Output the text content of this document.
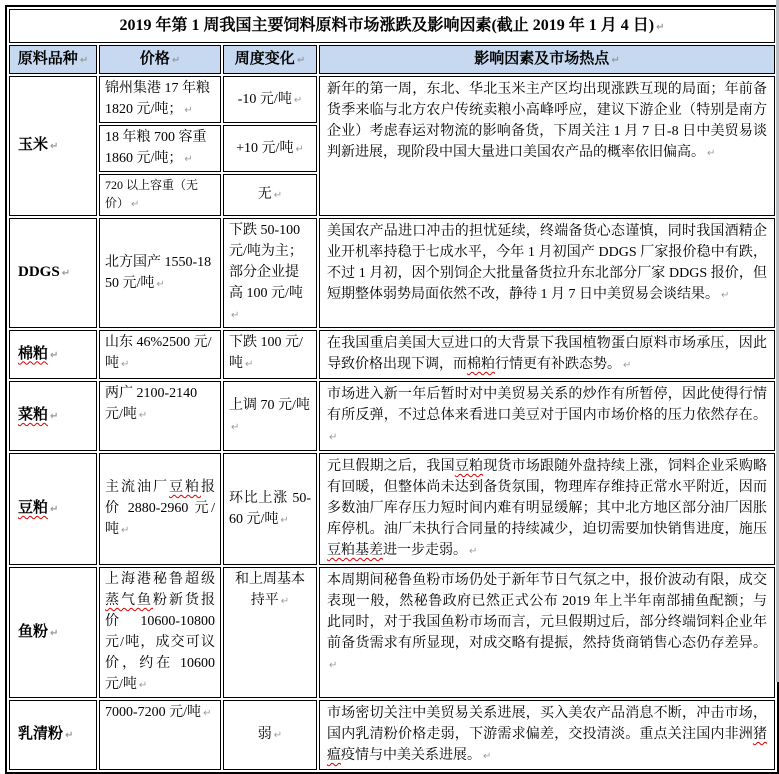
2019 年第 1 周我国主要饲料原料市场涨跌及影响因素(截止 2019 年 1 月 4 日) ↵
原料品种 ↵	价格 ↵	周度变化 ↵	影响因素及市场热点 ↵
玉米 ↵	锦州集港 17 年粮 1820 元/吨； ↵	-10 元/吨 ↵	新年的第一周，东北、华北玉米主产区均出现涨跌互现的局面；年前备货季来临与北方农户传统卖粮小高峰呼应，建议下游企业（特别是南方企业）考虑春运对物流的影响备货，下周关注 1 月 7 日-8 日中美贸易谈判新进展，现阶段中国大量进口美国农产品的概率依旧偏高。 ↵
	18 年粮 700 容重 1860 元/吨； ↵	+10 元/吨 ↵
	720 以上容重（无价） ↵	无 ↵
DDGS ↵	北方国产 1550-1850 元/吨 ↵	下跌 50-100 元/吨为主；部分企业提高 100 元/吨 ↵	美国农产品进口冲击的担忧延续，终端备货心态谨慎，同时我国酒精企业开机率持稳于七成水平，今年 1 月初国产 DDGS 厂家报价稳中有跌，不过 1 月初，因个别饲企大批量备货拉升东北部分厂家 DDGS 报价，但短期整体弱势局面依然不改，静待 1 月 7 日中美贸易会谈结果。 ↵
棉粕 ↵	山东 46%2500 元/吨 ↵	下跌 100 元/吨 ↵	在我国重启美国大豆进口的大背景下我国植物蛋白原料市场承压，因此导致价格出现下调，而棉粕行情更有补跌态势。 ↵
菜粕 ↵	两广 2100-2140 元/吨 ↵	上调 70 元/吨 ↵	市场进入新一年后暂时对中美贸易关系的炒作有所暂停，因此使得行情有所反弹，不过总体来看进口美豆对于国内市场价格的压力依然存在。 ↵
豆粕 ↵	主流油厂豆粕报价 2880-2960 元/吨 ↵	环比上涨 50-60 元/吨 ↵	元旦假期之后，我国豆粕现货市场跟随外盘持续上涨，饲料企业采购略有回暖，但整体尚未达到备货氛围，物理库存维持正常水平附近，因而多数油厂库存压力短时间内难有明显缓解；其中北方地区部分油厂因胀库停机。油厂未执行合同量的持续减少，迫切需要加快销售进度，施压豆粕基差进一步走弱。 ↵
鱼粉 ↵	上海港秘鲁超级蒸气鱼粉新货报价 10600-10800 元/吨，成交可议价，约在 10600 元/吨 ↵	和上周基本持平 ↵	本周期间秘鲁鱼粉市场仍处于新年节日气氛之中，报价波动有限，成交表现一般，然秘鲁政府已然正式公布 2019 年上半年南部捕鱼配额；与此同时，对于我国鱼粉市场而言，元旦假期过后，部分终端饲料企业年前备货需求有所显现，对成交略有提振，然持货商销售心态仍存差异。 ↵
乳清粉 ↵	7000-7200 元/吨 ↵	弱 ↵	市场密切关注中美贸易关系进展，买入美农产品消息不断，冲击市场，国内乳清粉价格走弱，下游需求偏差，交投清淡。重点关注国内非洲猪瘟疫情与中美关系进展。 ↵
